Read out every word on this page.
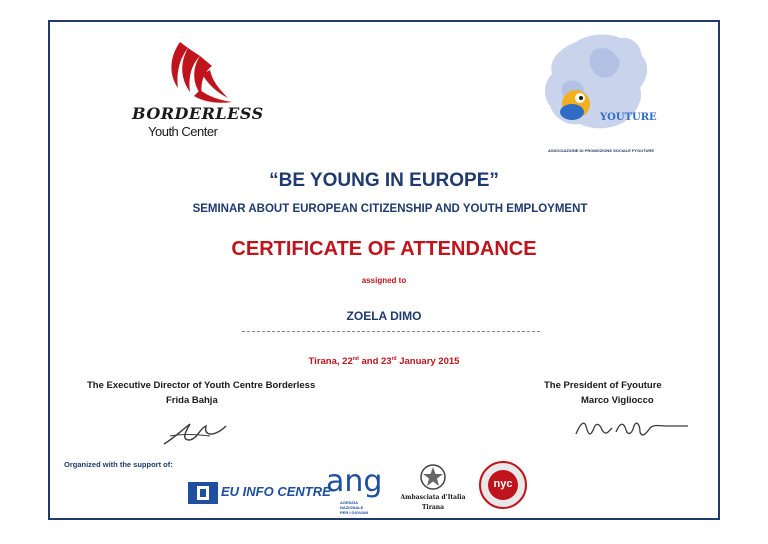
BORDERLESS
Youth Center
YOUTURE
ASSOCIAZIONE DI PROMOZIONE SOCIALE FYOUTURE
“BE YOUNG IN EUROPE”
SEMINAR ABOUT EUROPEAN CITIZENSHIP AND YOUTH EMPLOYMENT
CERTIFICATE OF ATTENDANCE
assigned to
ZOELA DIMO
Tirana, 22nd and 23rd January 2015
The Executive Director of Youth Centre Borderless
Frida Bahja
The President of Fyouture
Marco Vigliocco
Organized with the support of:
EU INFO CENTRE
ang
AGENZIA
NAZIONALE
PER I GIOVANI
Ambasciata d'Italia
Tirana
nyc
